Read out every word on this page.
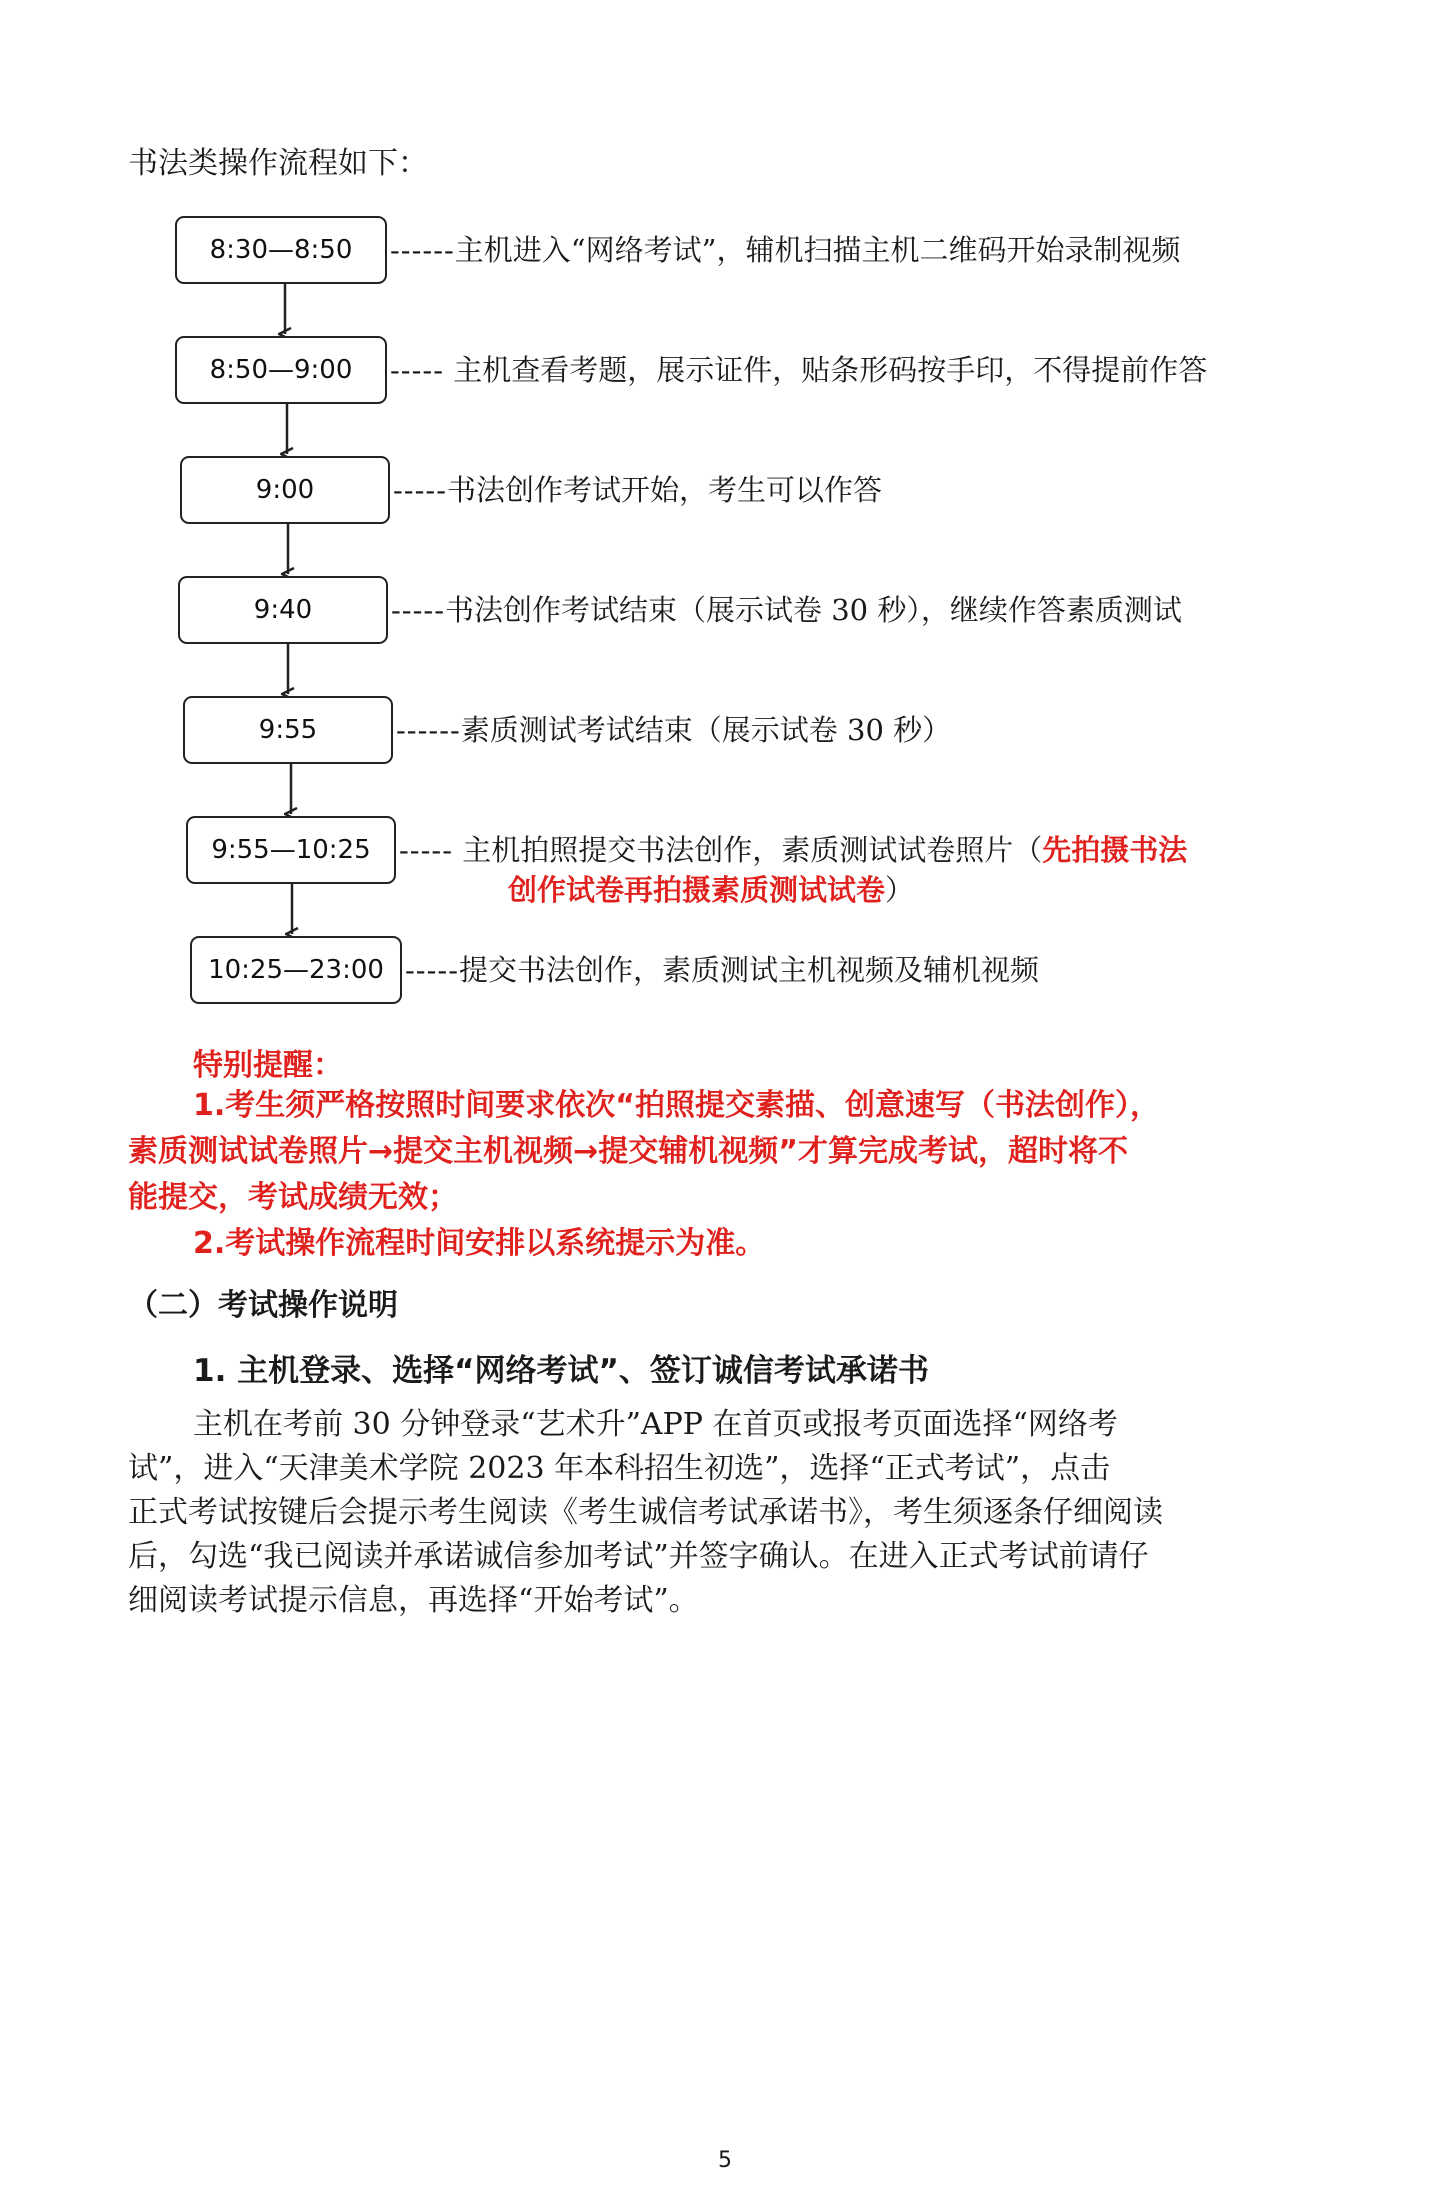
书法类操作流程如下：
8:30—8:50
8:50—9:00
9:00
9:40
9:55
9:55—10:25
10:25—23:00
------主机进入“网络考试”，辅机扫描主机二维码开始录制视频
----- 主机查看考题，展示证件，贴条形码按手印，不得提前作答
-----书法创作考试开始，考生可以作答
-----书法创作考试结束（展示试卷 30 秒），继续作答素质测试
------素质测试考试结束（展示试卷 30 秒）
----- 主机拍照提交书法创作，素质测试试卷照片（先拍摄书法
创作试卷再拍摄素质测试试卷）
-----提交书法创作，素质测试主机视频及辅机视频
特别提醒：
1.考生须严格按照时间要求依次“拍照提交素描、创意速写（书法创作），
素质测试试卷照片→提交主机视频→提交辅机视频”才算完成考试，超时将不
能提交，考试成绩无效；
2.考试操作流程时间安排以系统提示为准。
（二）考试操作说明
1. 主机登录、选择“网络考试”、签订诚信考试承诺书
主机在考前 30 分钟登录“艺术升”APP 在首页或报考页面选择“网络考
试”，进入“天津美术学院 2023 年本科招生初选”，选择“正式考试”，点击
正式考试按键后会提示考生阅读《考生诚信考试承诺书》，考生须逐条仔细阅读
后，勾选“我已阅读并承诺诚信参加考试”并签字确认。在进入正式考试前请仔
细阅读考试提示信息，再选择“开始考试”。
5
